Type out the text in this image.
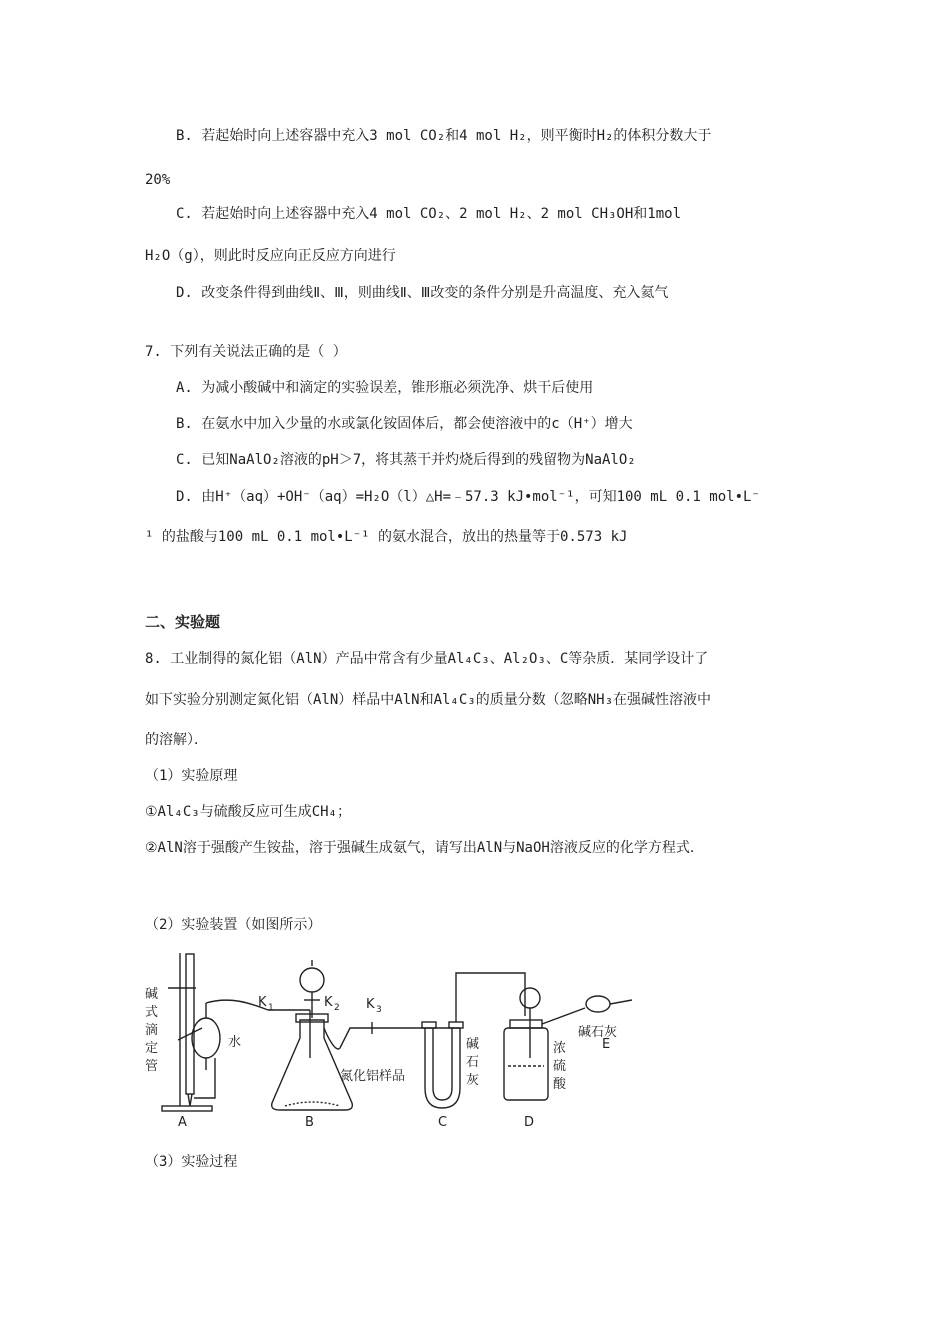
B. 若起始时向上述容器中充入3 mol CO₂和4 mol H₂，则平衡时H₂的体积分数大于
20%
C. 若起始时向上述容器中充入4 mol CO₂、2 mol H₂、2 mol CH₃OH和1mol
H₂O（g），则此时反应向正反应方向进行
D. 改变条件得到曲线Ⅱ、Ⅲ，则曲线Ⅱ、Ⅲ改变的条件分别是升高温度、充入氦气
7. 下列有关说法正确的是（ ）
A. 为减小酸碱中和滴定的实验误差，锥形瓶必须洗净、烘干后使用
B. 在氨水中加入少量的水或氯化铵固体后，都会使溶液中的c（H⁺）增大
C. 已知NaAlO₂溶液的pH＞7，将其蒸干并灼烧后得到的残留物为NaAlO₂
D. 由H⁺（aq）+OH⁻（aq）=H₂O（l）△H=﹣57.3 kJ•mol⁻¹，可知100 mL 0.1 mol•L⁻
¹ 的盐酸与100 mL 0.1 mol•L⁻¹ 的氨水混合，放出的热量等于0.573 kJ
二、实验题
8. 工业制得的氮化铝（AlN）产品中常含有少量Al₄C₃、Al₂O₃、C等杂质．某同学设计了
如下实验分别测定氮化铝（AlN）样品中AlN和Al₄C₃的质量分数（忽略NH₃在强碱性溶液中
的溶解）．
（1）实验原理
①Al₄C₃与硫酸反应可生成CH₄；
②AlN溶于强酸产生铵盐，溶于强碱生成氨气，请写出AlN与NaOH溶液反应的化学方程式．
（2）实验装置（如图所示）
碱
式
滴
定
管
水
K 1	K 2 K 3
氮化铝样品
碱
石
灰
浓
硫
酸
碱石灰
A	B	C	D
E
（3）实验过程
